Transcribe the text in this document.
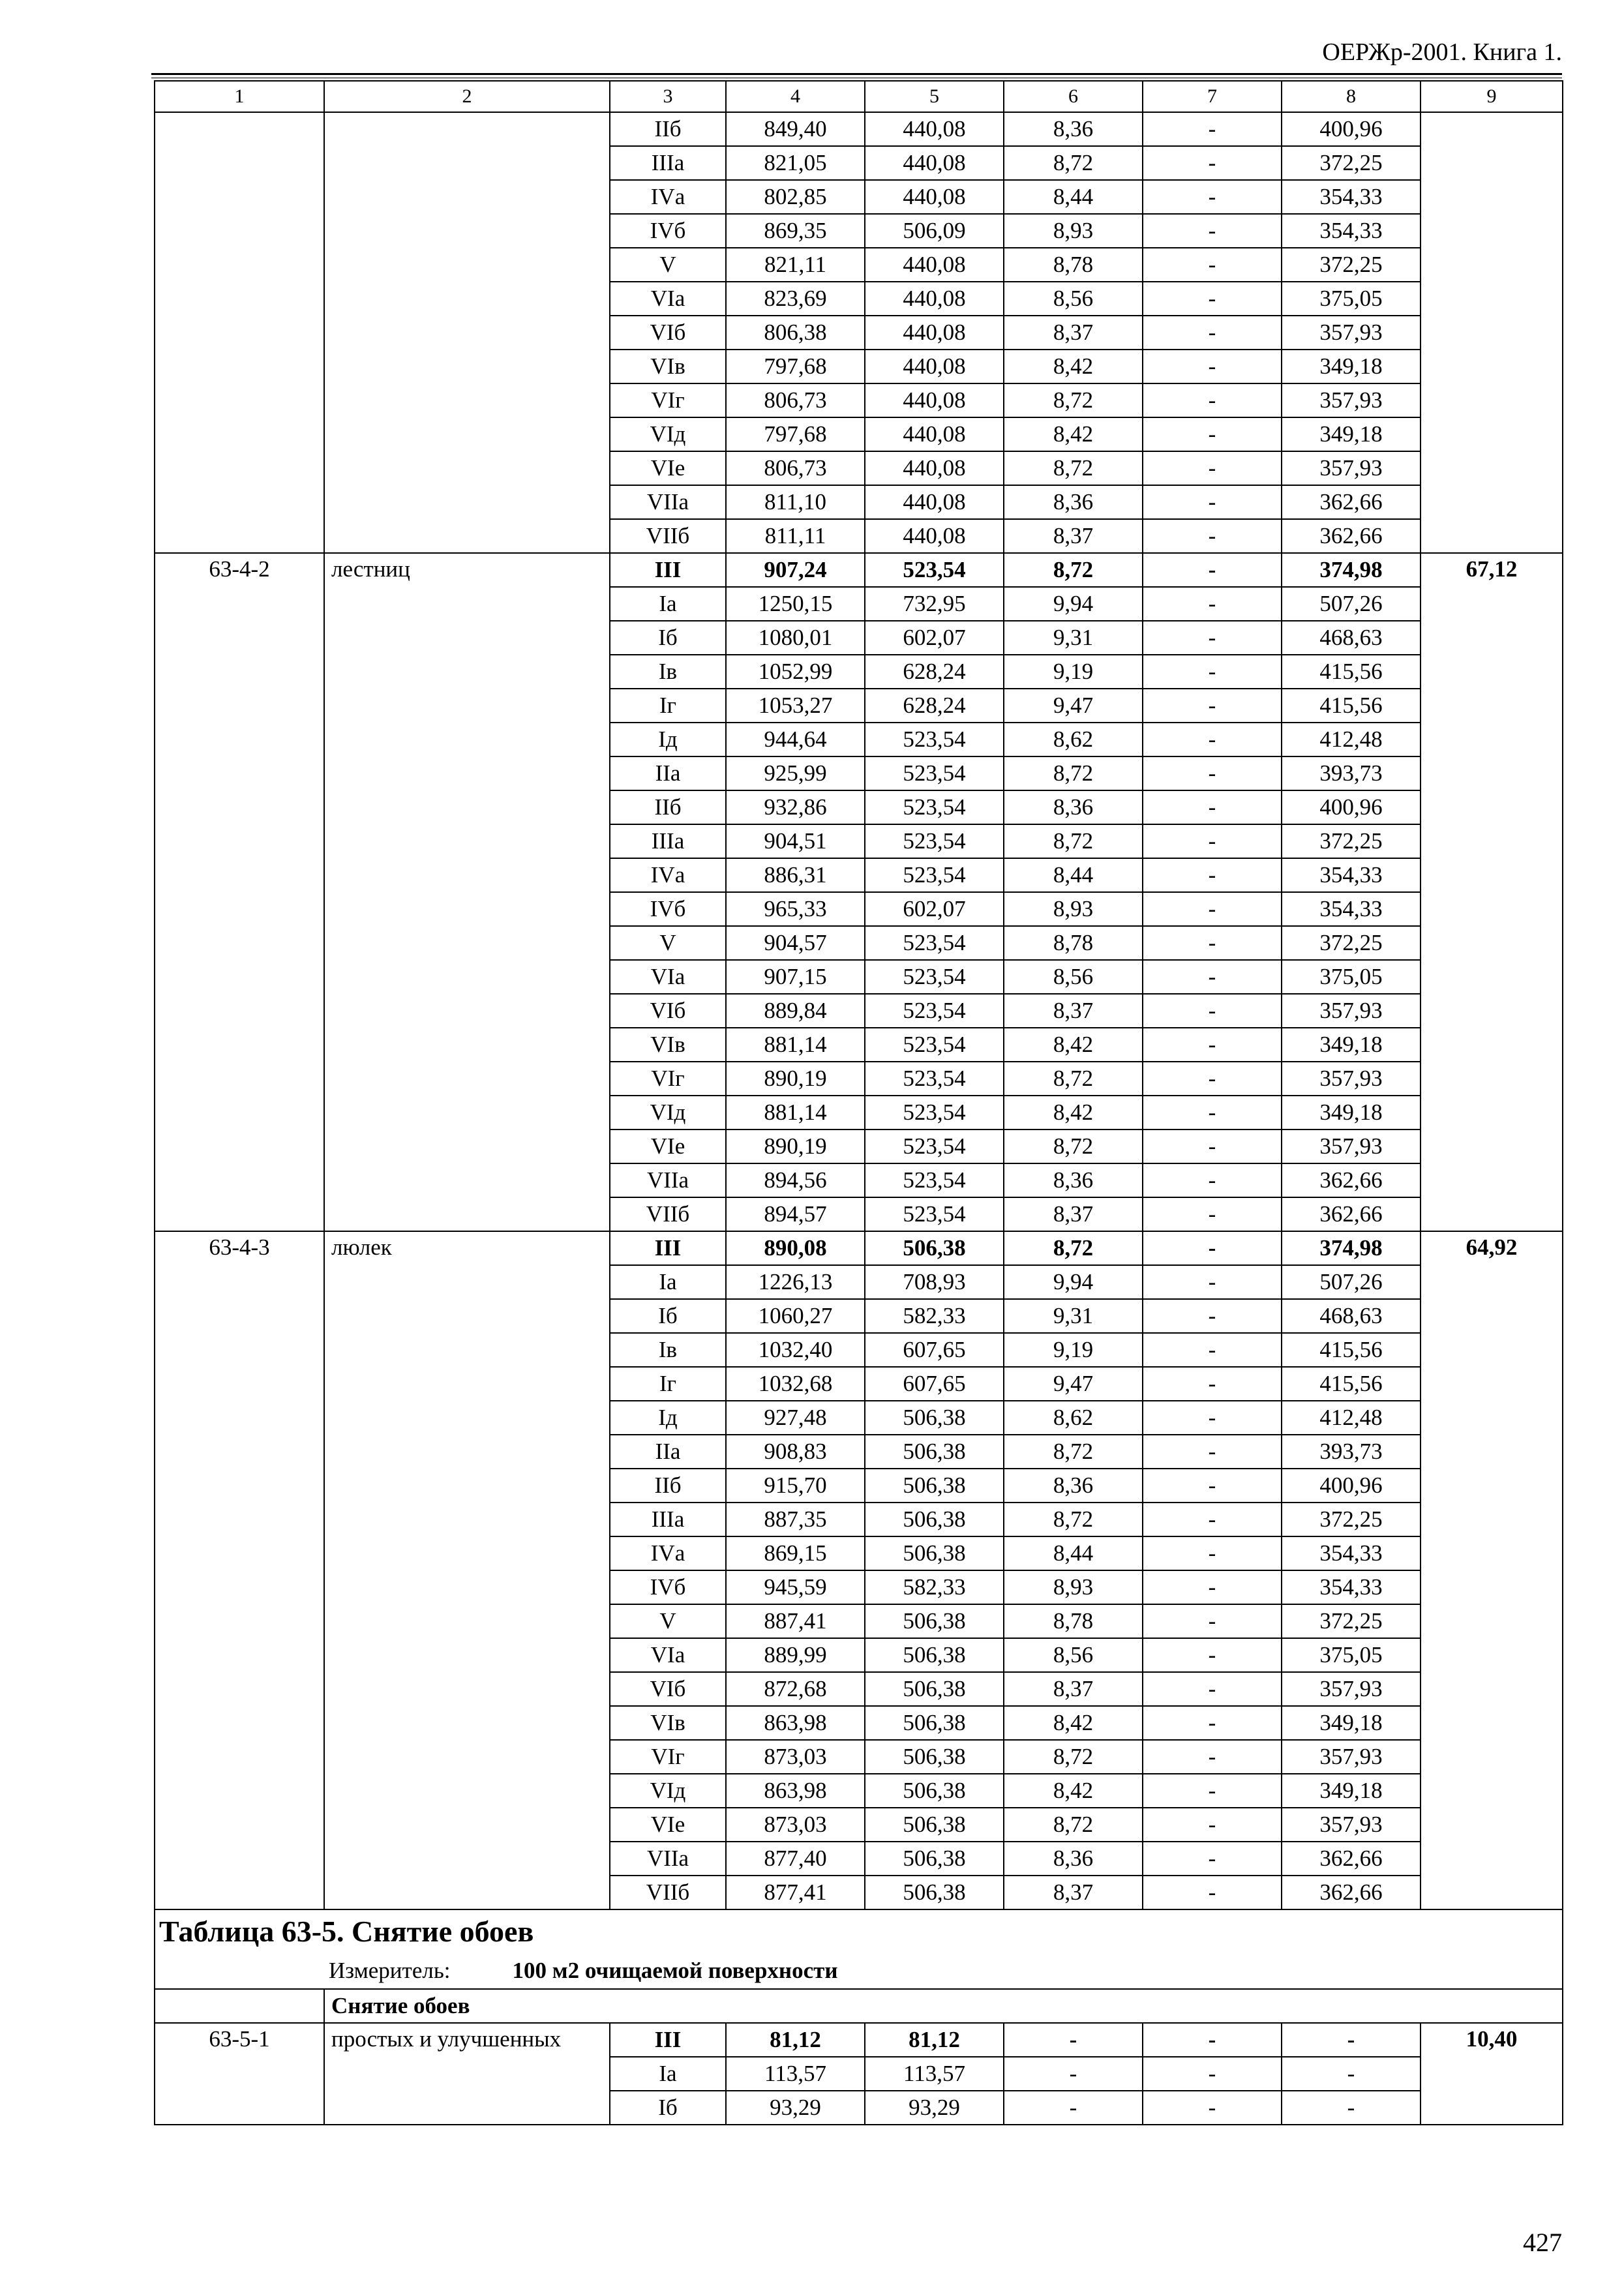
ОЕРЖр-2001. Книга 1.
1	2	3	4	5	6	7	8	9
		IIб	849,40	440,08	8,36	-	400,96	
		IIIа	821,05	440,08	8,72	-	372,25	
		IVа	802,85	440,08	8,44	-	354,33	
		IVб	869,35	506,09	8,93	-	354,33	
		V	821,11	440,08	8,78	-	372,25	
		VIа	823,69	440,08	8,56	-	375,05	
		VIб	806,38	440,08	8,37	-	357,93	
		VIв	797,68	440,08	8,42	-	349,18	
		VIг	806,73	440,08	8,72	-	357,93	
		VIд	797,68	440,08	8,42	-	349,18	
		VIе	806,73	440,08	8,72	-	357,93	
		VIIа	811,10	440,08	8,36	-	362,66	
		VIIб	811,11	440,08	8,37	-	362,66	
63-4-2	лестниц	III	907,24	523,54	8,72	-	374,98	67,12
		Iа	1250,15	732,95	9,94	-	507,26	
		Iб	1080,01	602,07	9,31	-	468,63	
		Iв	1052,99	628,24	9,19	-	415,56	
		Iг	1053,27	628,24	9,47	-	415,56	
		Iд	944,64	523,54	8,62	-	412,48	
		IIа	925,99	523,54	8,72	-	393,73	
		IIб	932,86	523,54	8,36	-	400,96	
		IIIа	904,51	523,54	8,72	-	372,25	
		IVа	886,31	523,54	8,44	-	354,33	
		IVб	965,33	602,07	8,93	-	354,33	
		V	904,57	523,54	8,78	-	372,25	
		VIа	907,15	523,54	8,56	-	375,05	
		VIб	889,84	523,54	8,37	-	357,93	
		VIв	881,14	523,54	8,42	-	349,18	
		VIг	890,19	523,54	8,72	-	357,93	
		VIд	881,14	523,54	8,42	-	349,18	
		VIе	890,19	523,54	8,72	-	357,93	
		VIIа	894,56	523,54	8,36	-	362,66	
		VIIб	894,57	523,54	8,37	-	362,66	
63-4-3	люлек	III	890,08	506,38	8,72	-	374,98	64,92
		Iа	1226,13	708,93	9,94	-	507,26	
		Iб	1060,27	582,33	9,31	-	468,63	
		Iв	1032,40	607,65	9,19	-	415,56	
		Iг	1032,68	607,65	9,47	-	415,56	
		Iд	927,48	506,38	8,62	-	412,48	
		IIа	908,83	506,38	8,72	-	393,73	
		IIб	915,70	506,38	8,36	-	400,96	
		IIIа	887,35	506,38	8,72	-	372,25	
		IVа	869,15	506,38	8,44	-	354,33	
		IVб	945,59	582,33	8,93	-	354,33	
		V	887,41	506,38	8,78	-	372,25	
		VIа	889,99	506,38	8,56	-	375,05	
		VIб	872,68	506,38	8,37	-	357,93	
		VIв	863,98	506,38	8,42	-	349,18	
		VIг	873,03	506,38	8,72	-	357,93	
		VIд	863,98	506,38	8,42	-	349,18	
		VIе	873,03	506,38	8,72	-	357,93	
		VIIа	877,40	506,38	8,36	-	362,66	
		VIIб	877,41	506,38	8,37	-	362,66	
Таблица 63-5. Снятие обоев								
Измеритель: 100 м2 очищаемой поверхности								
	Снятие обоев							
63-5-1	простых и улучшенных	III	81,12	81,12	-	-	-	10,40
		Iа	113,57	113,57	-	-	-	
		Iб	93,29	93,29	-	-	-	
427
